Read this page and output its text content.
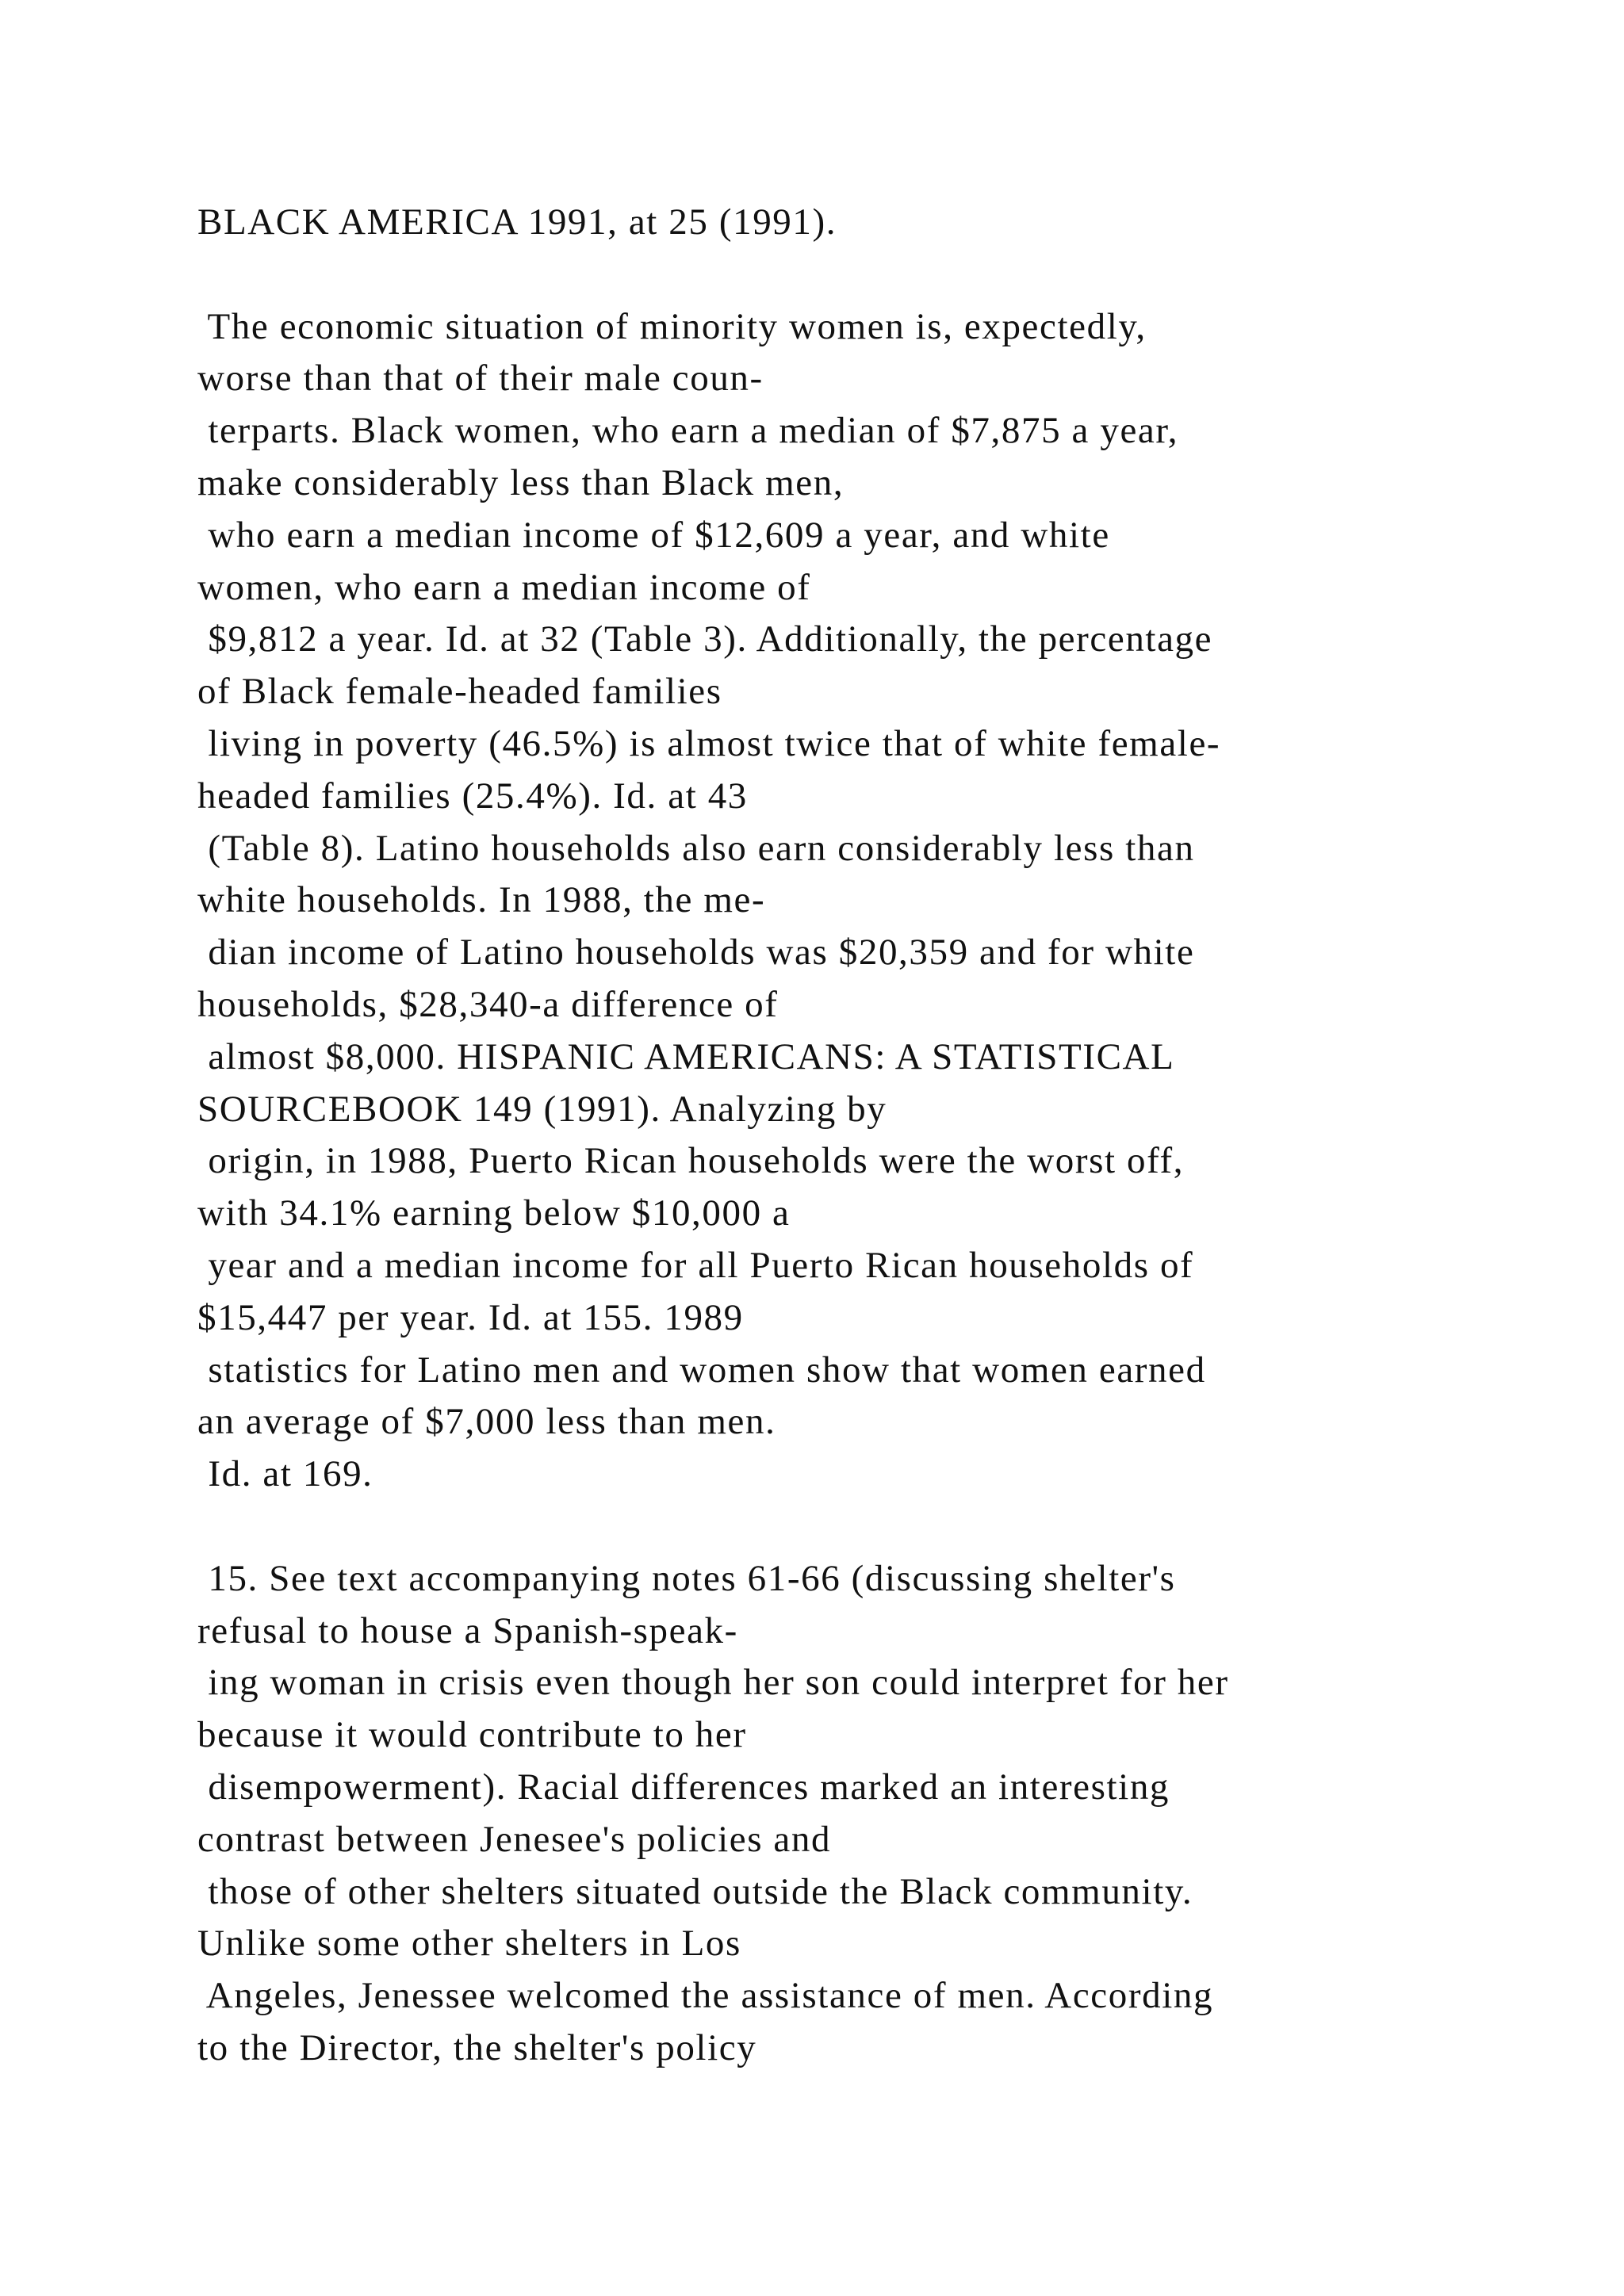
BLACK AMERICA 1991, at 25 (1991).
The economic situation of minority women is, expectedly,
worse than that of their male coun-
terparts. Black women, who earn a median of $7,875 a year,
make considerably less than Black men,
who earn a median income of $12,609 a year, and white
women, who earn a median income of
$9,812 a year. Id. at 32 (Table 3). Additionally, the percentage
of Black female-headed families
living in poverty (46.5%) is almost twice that of white female-
headed families (25.4%). Id. at 43
(Table 8). Latino households also earn considerably less than
white households. In 1988, the me-
dian income of Latino households was $20,359 and for white
households, $28,340-a difference of
almost $8,000. HISPANIC AMERICANS: A STATISTICAL
SOURCEBOOK 149 (1991). Analyzing by
origin, in 1988, Puerto Rican households were the worst off,
with 34.1% earning below $10,000 a
year and a median income for all Puerto Rican households of
$15,447 per year. Id. at 155. 1989
statistics for Latino men and women show that women earned
an average of $7,000 less than men.
Id. at 169.
15. See text accompanying notes 61-66 (discussing shelter's
refusal to house a Spanish-speak-
ing woman in crisis even though her son could interpret for her
because it would contribute to her
disempowerment). Racial differences marked an interesting
contrast between Jenesee's policies and
those of other shelters situated outside the Black community.
Unlike some other shelters in Los
Angeles, Jenessee welcomed the assistance of men. According
to the Director, the shelter's policy
